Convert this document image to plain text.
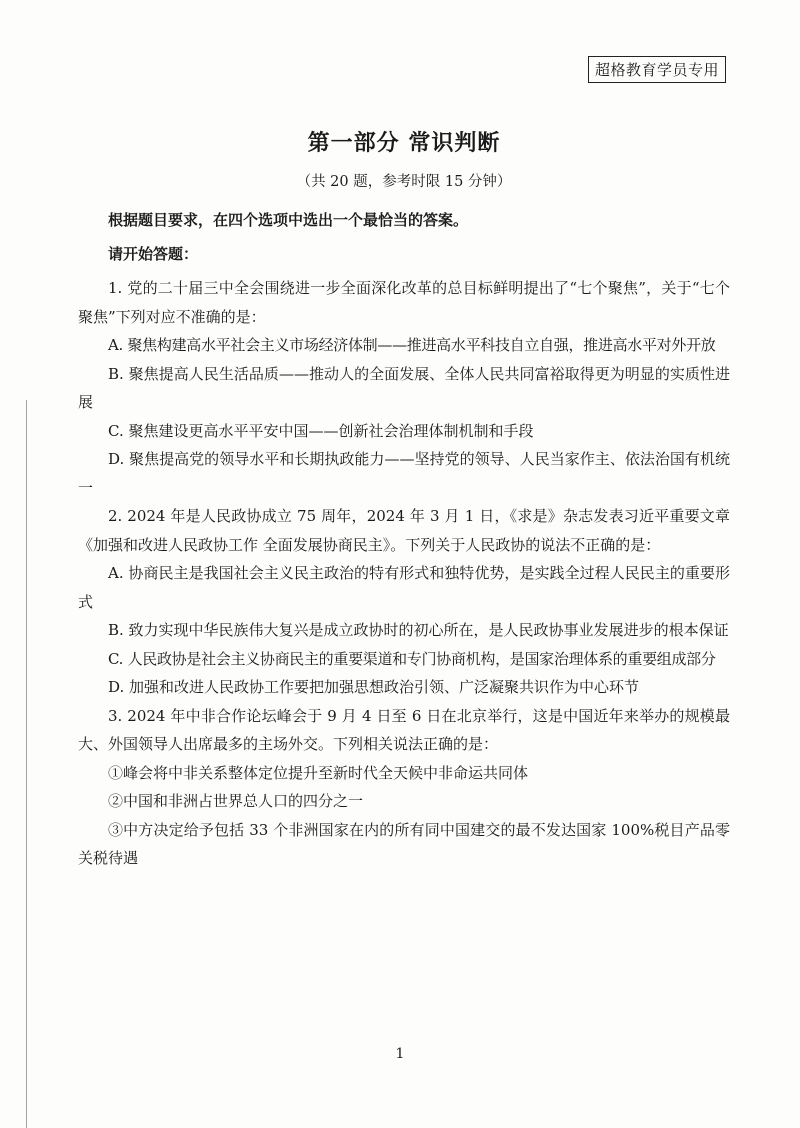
超格教育学员专用
第一部分 常识判断
（共 20 题，参考时限 15 分钟）
根据题目要求，在四个选项中选出一个最恰当的答案。
请开始答题：

1. 党的二十届三中全会围绕进一步全面深化改革的总目标鲜明提出了“七个聚焦”，关于“七个聚焦”下列对应不准确的是：

A. 聚焦构建高水平社会主义市场经济体制——推进高水平科技自立自强，推进高水平对外开放

B. 聚焦提高人民生活品质——推动人的全面发展、全体人民共同富裕取得更为明显的实质性进展

C. 聚焦建设更高水平平安中国——创新社会治理体制机制和手段

D. 聚焦提高党的领导水平和长期执政能力——坚持党的领导、人民当家作主、依法治国有机统一

2. 2024 年是人民政协成立 75 周年，2024 年 3 月 1 日，《求是》杂志发表习近平重要文章《加强和改进人民政协工作 全面发展协商民主》。下列关于人民政协的说法不正确的是：

A. 协商民主是我国社会主义民主政治的特有形式和独特优势，是实践全过程人民民主的重要形式

B. 致力实现中华民族伟大复兴是成立政协时的初心所在，是人民政协事业发展进步的根本保证

C. 人民政协是社会主义协商民主的重要渠道和专门协商机构，是国家治理体系的重要组成部分

D. 加强和改进人民政协工作要把加强思想政治引领、广泛凝聚共识作为中心环节

3. 2024 年中非合作论坛峰会于 9 月 4 日至 6 日在北京举行，这是中国近年来举办的规模最大、外国领导人出席最多的主场外交。下列相关说法正确的是：

①峰会将中非关系整体定位提升至新时代全天候中非命运共同体

②中国和非洲占世界总人口的四分之一

③中方决定给予包括 33 个非洲国家在内的所有同中国建交的最不发达国家 100%税目产品零关税待遇

1
